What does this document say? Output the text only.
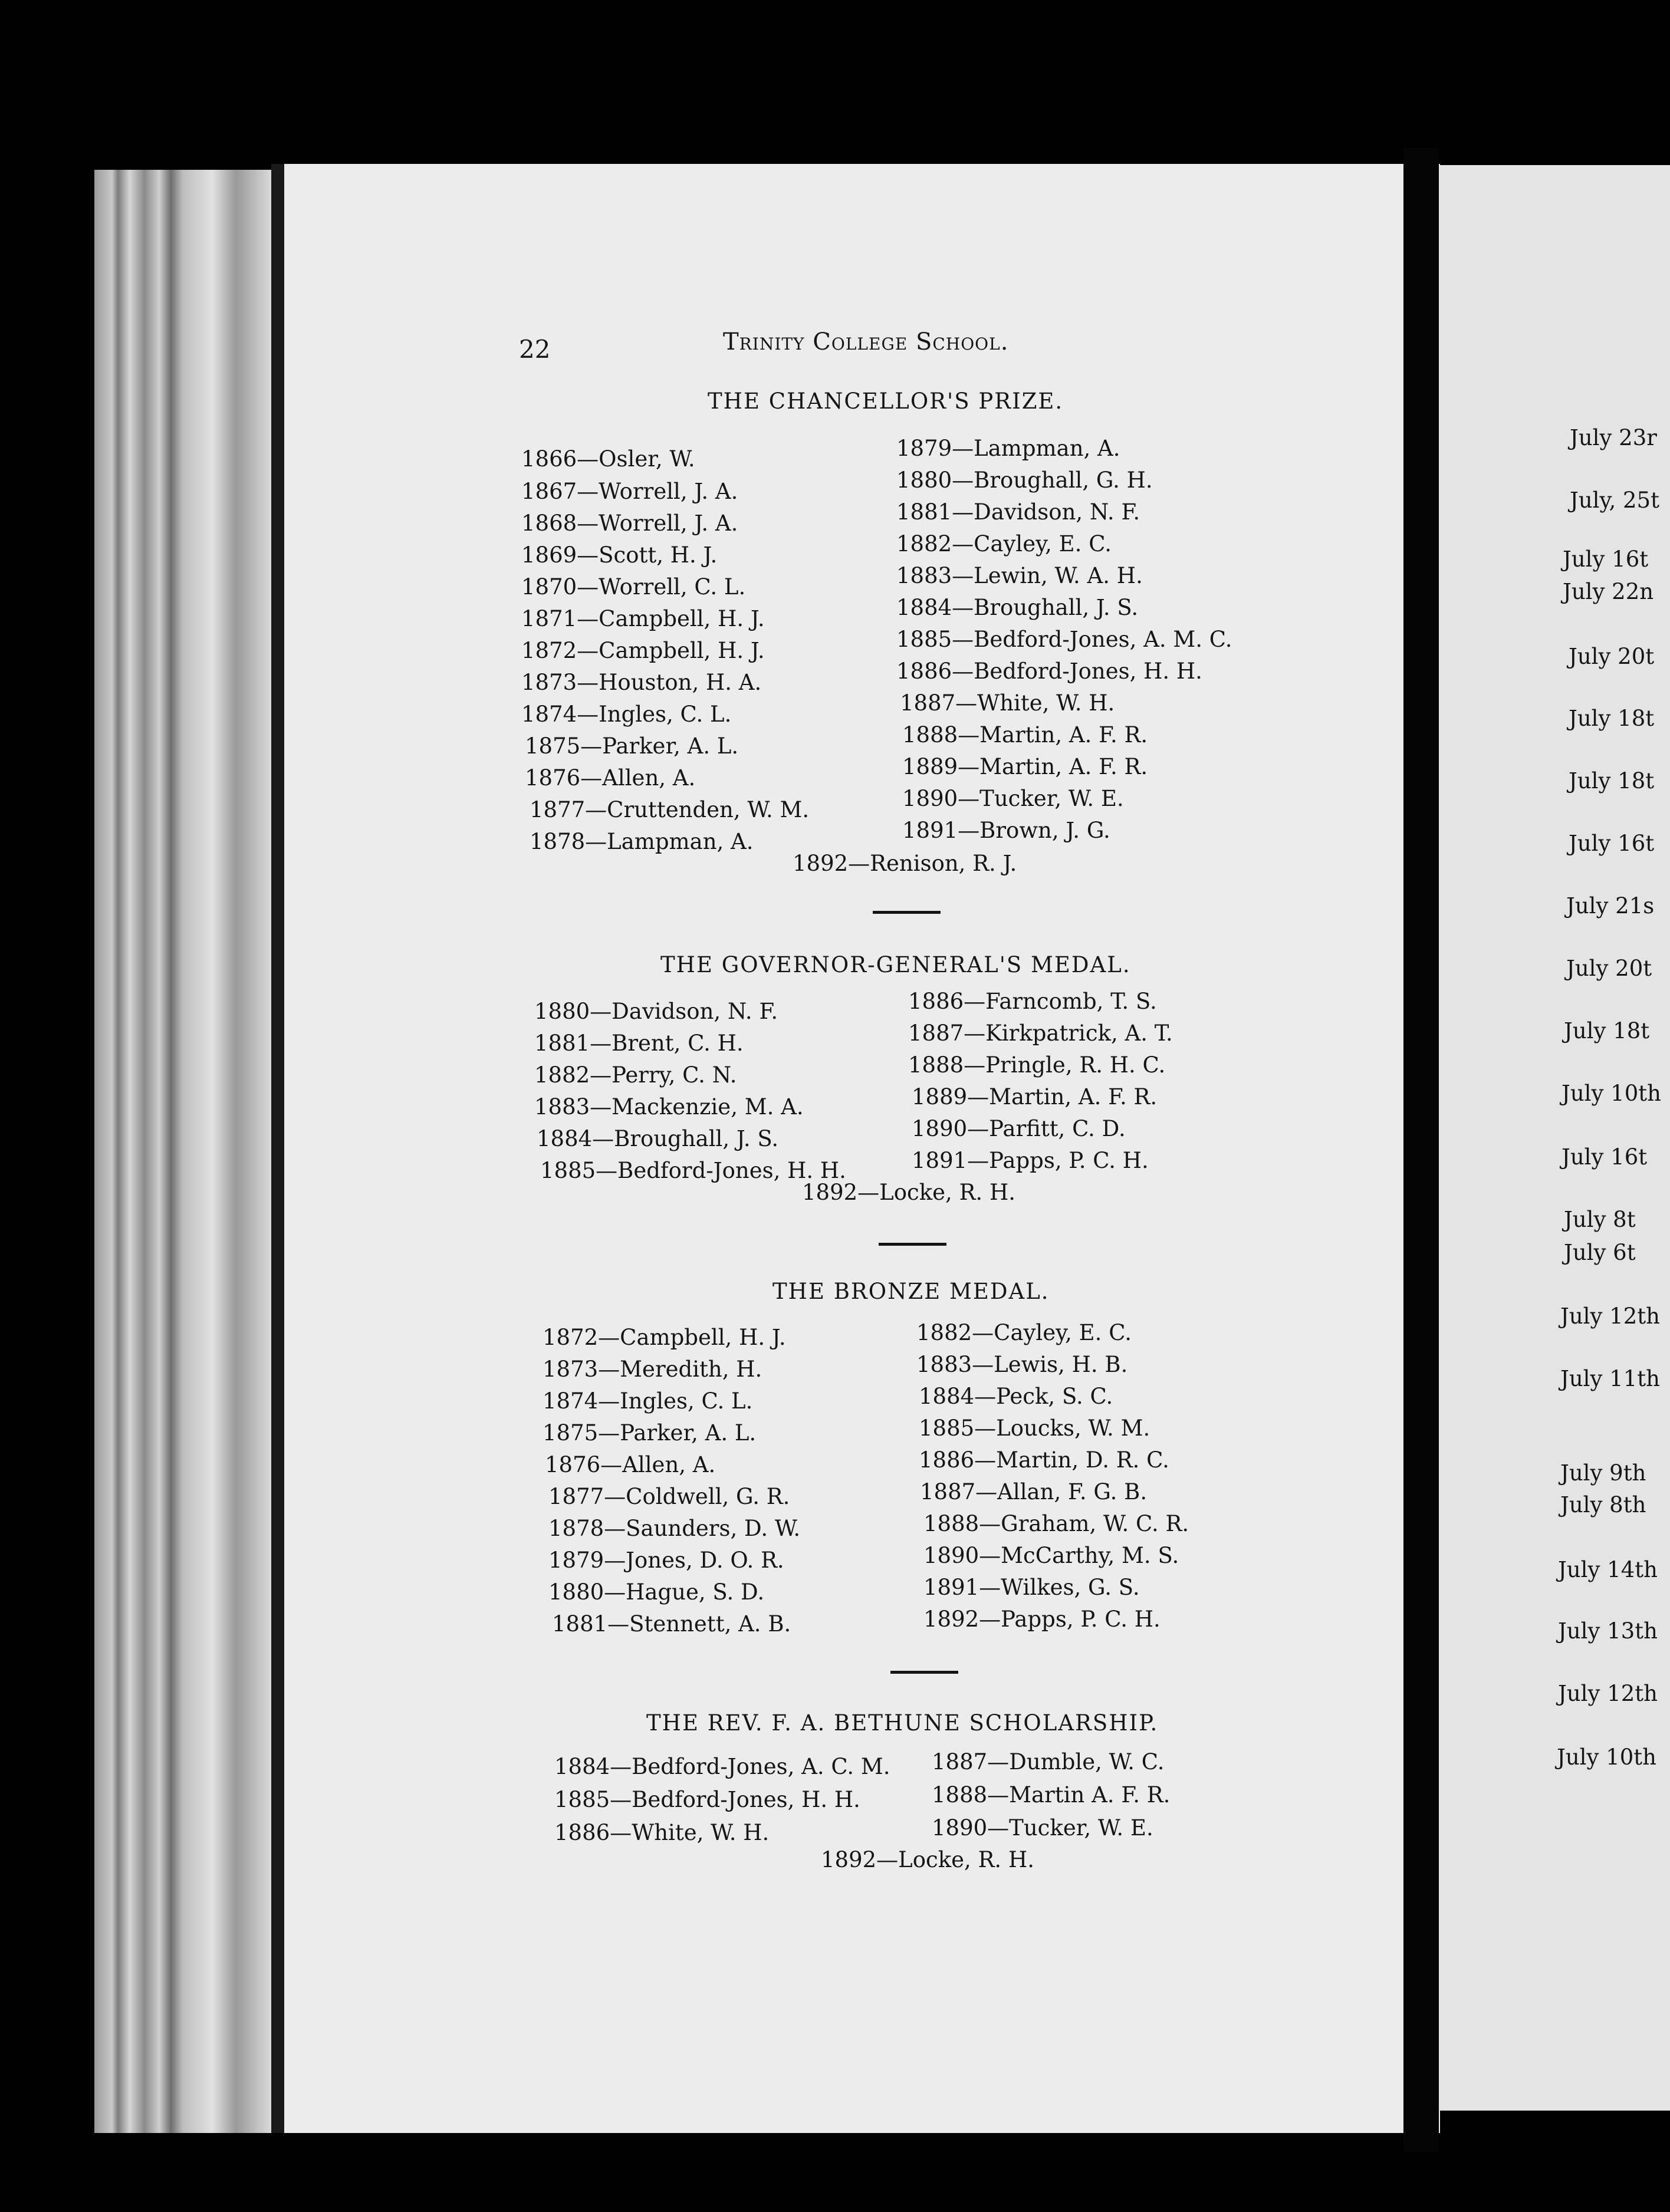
22	Trinity College School.
THE CHANCELLOR'S PRIZE.
THE GOVERNOR-GENERAL'S MEDAL.
THE BRONZE MEDAL.
THE REV. F. A. BETHUNE SCHOLARSHIP.
1866—Osler, W.
1867—Worrell, J. A.
1868—Worrell, J. A.
1869—Scott, H. J.
1870—Worrell, C. L.
1871—Campbell, H. J.
1872—Campbell, H. J.
1873—Houston, H. A.
1874—Ingles, C. L.
1875—Parker, A. L.
1876—Allen, A.
1877—Cruttenden, W. M.
1878—Lampman, A.
1879—Lampman, A.
1880—Broughall, G. H.
1881—Davidson, N. F.
1882—Cayley, E. C.
1883—Lewin, W. A. H.
1884—Broughall, J. S.
1885—Bedford-Jones, A. M. C.
1886—Bedford-Jones, H. H.
1887—White, W. H.
1888—Martin, A. F. R.
1889—Martin, A. F. R.
1890—Tucker, W. E.
1891—Brown, J. G.
1892—Renison, R. J.
1880—Davidson, N. F.
1881—Brent, C. H.
1882—Perry, C. N.
1883—Mackenzie, M. A.
1884—Broughall, J. S.
1885—Bedford-Jones, H. H.
1886—Farncomb, T. S.
1887—Kirkpatrick, A. T.
1888—Pringle, R. H. C.
1889—Martin, A. F. R.
1890—Parfitt, C. D.
1891—Papps, P. C. H.
1892—Locke, R. H.
1872—Campbell, H. J.
1873—Meredith, H.
1874—Ingles, C. L.
1875—Parker, A. L.
1876—Allen, A.
1877—Coldwell, G. R.
1878—Saunders, D. W.
1879—Jones, D. O. R.
1880—Hague, S. D.
1881—Stennett, A. B.
1882—Cayley, E. C.
1883—Lewis, H. B.
1884—Peck, S. C.
1885—Loucks, W. M.
1886—Martin, D. R. C.
1887—Allan, F. G. B.
1888—Graham, W. C. R.
1890—McCarthy, M. S.
1891—Wilkes, G. S.
1892—Papps, P. C. H.
1884—Bedford-Jones, A. C. M.
1885—Bedford-Jones, H. H.
1886—White, W. H.
1887—Dumble, W. C.
1888—Martin A. F. R.
1890—Tucker, W. E.
1892—Locke, R. H.
July 23r
July, 25t
July 16t
July 22n
July 20t
July 18t
July 18t
July 16t
July 21s
July 20t
July 18t
July 10th
July 16t
July 8t
July 6t
July 12th
July 11th
July 9th
July 8th
July 14th
July 13th
July 12th
July 10th
